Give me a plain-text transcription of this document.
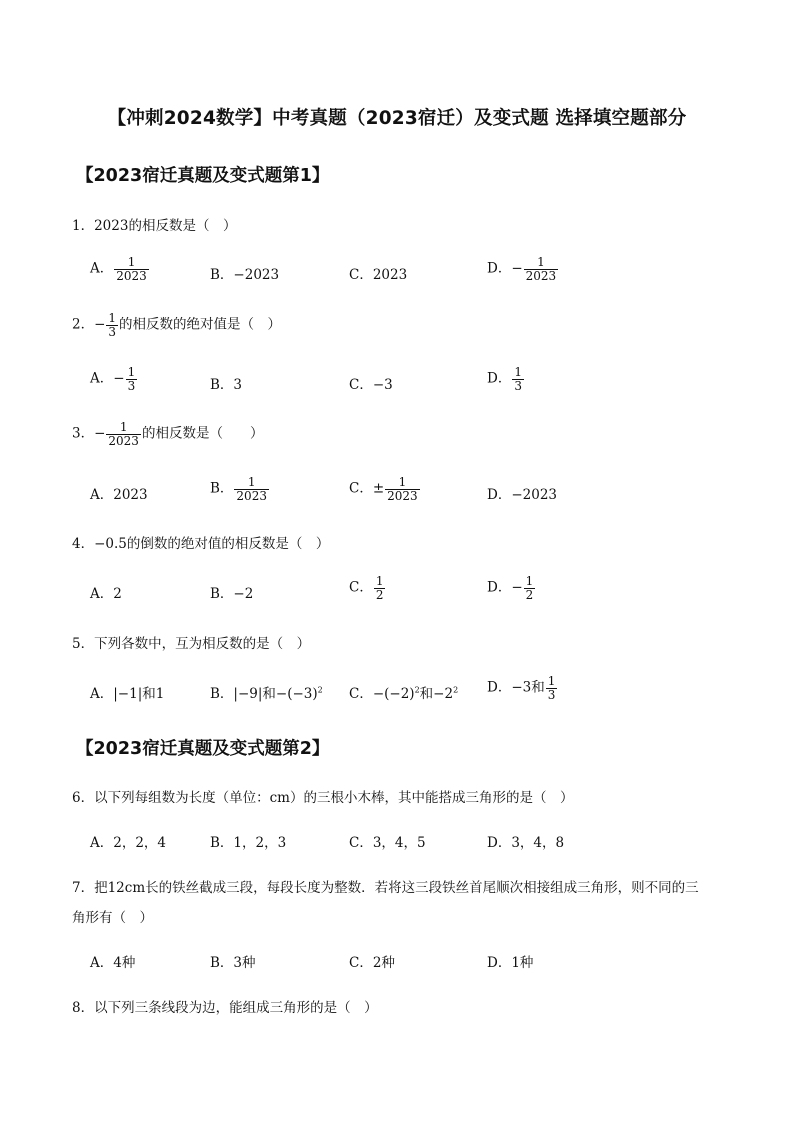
【冲刺2024数学】中考真题（2023宿迁）及变式题 选择填空题部分
【2023宿迁真题及变式题第1】
1．2023的相反数是（　）
A． $\frac{1}{2023}$	B．−2023	C．2023	D．− $\frac{1}{2023}$
2．− $\frac{1}{3}$ 的相反数的绝对值是（　）
A．− $\frac{1}{3}$	B．3	C．−3	D． $\frac{1}{3}$
3．− $\frac{1}{2023}$ 的相反数是（　　）
A．2023	B． $\frac{1}{2023}$	C．± $\frac{1}{2023}$	D．−2023
4．−0.5的倒数的绝对值的相反数是（　）
A．2	B．−2	C． $\frac{1}{2}$	D．− $\frac{1}{2}$
5．下列各数中，互为相反数的是（　）
A．|−1|和1	B．|−9|和$-(-3)^2$ C．$-(-2)^2$和$-2^2$ D．−3和 $\frac{1}{3}$
【2023宿迁真题及变式题第2】
6．以下列每组数为长度（单位：cm）的三根小木棒，其中能搭成三角形的是（　）
A．2，2，4	B．1，2，3	C．3，4，5	D．3，4，8
7．把12cm长的铁丝截成三段，每段长度为整数．若将这三段铁丝首尾顺次相接组成三角形，则不同的三
角形有（　）
A．4种	B．3种	C．2种	D．1种
8．以下列三条线段为边，能组成三角形的是（　）
